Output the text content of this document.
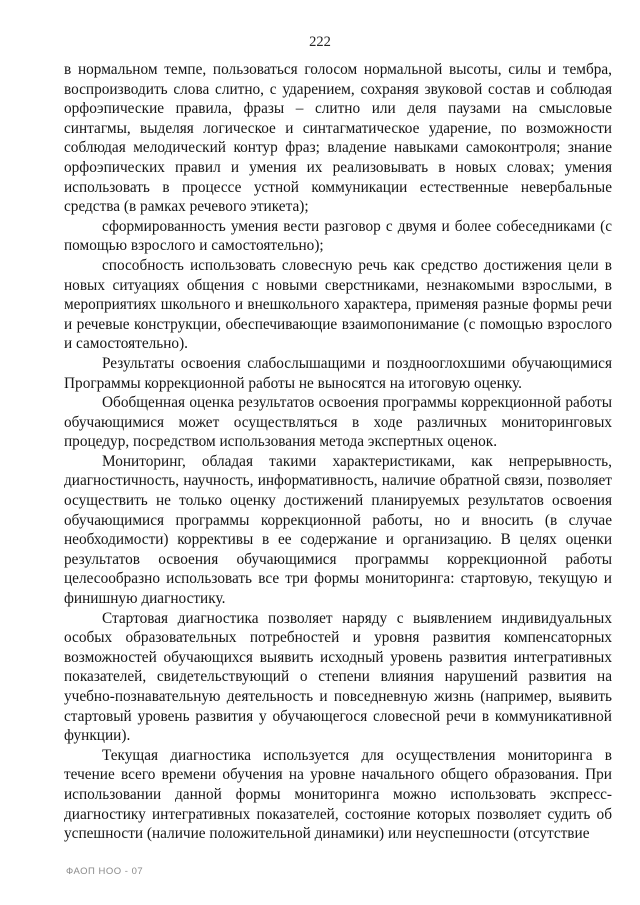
222

в нормальном темпе, пользоваться голосом нормальной высоты, силы и тембра, воспроизводить слова слитно, с ударением, сохраняя звуковой состав и соблюдая орфоэпические правила, фразы – слитно или деля паузами на смысловые синтагмы, выделяя логическое и синтагматическое ударение, по возможности соблюдая мелодический контур фраз; владение навыками самоконтроля; знание орфоэпических правил и умения их реализовывать в новых словах; умения использовать в процессе устной коммуникации естественные невербальные средства (в рамках речевого этикета);

сформированность умения вести разговор с двумя и более собеседниками (с помощью взрослого и самостоятельно);

способность использовать словесную речь как средство достижения цели в новых ситуациях общения с новыми сверстниками, незнакомыми взрослыми, в мероприятиях школьного и внешкольного характера, применяя разные формы речи и речевые конструкции, обеспечивающие взаимопонимание (с помощью взрослого и самостоятельно).

Результаты освоения слабослышащими и позднооглохшими обучающимися Программы коррекционной работы не выносятся на итоговую оценку.

Обобщенная оценка результатов освоения программы коррекционной работы обучающимися может осуществляться в ходе различных мониторинговых процедур, посредством использования метода экспертных оценок.

Мониторинг, обладая такими характеристиками, как непрерывность, диагностичность, научность, информативность, наличие обратной связи, позволяет осуществить не только оценку достижений планируемых результатов освоения обучающимися программы коррекционной работы, но и вносить (в случае необходимости) коррективы в ее содержание и организацию. В целях оценки результатов освоения обучающимися программы коррекционной работы целесообразно использовать все три формы мониторинга: стартовую, текущую и финишную диагностику.

Стартовая диагностика позволяет наряду с выявлением индивидуальных особых образовательных потребностей и уровня развития компенсаторных возможностей обучающихся выявить исходный уровень развития интегративных показателей, свидетельствующий о степени влияния нарушений развития на учебно-познавательную деятельность и повседневную жизнь (например, выявить стартовый уровень развития у обучающегося словесной речи в коммуникативной функции).

Текущая диагностика используется для осуществления мониторинга в течение всего времени обучения на уровне начального общего образования. При использовании данной формы мониторинга можно использовать экспресс-диагностику интегративных показателей, состояние которых позволяет судить об успешности (наличие положительной динамики) или неуспешности (отсутствие

ФАОП НОО - 07
